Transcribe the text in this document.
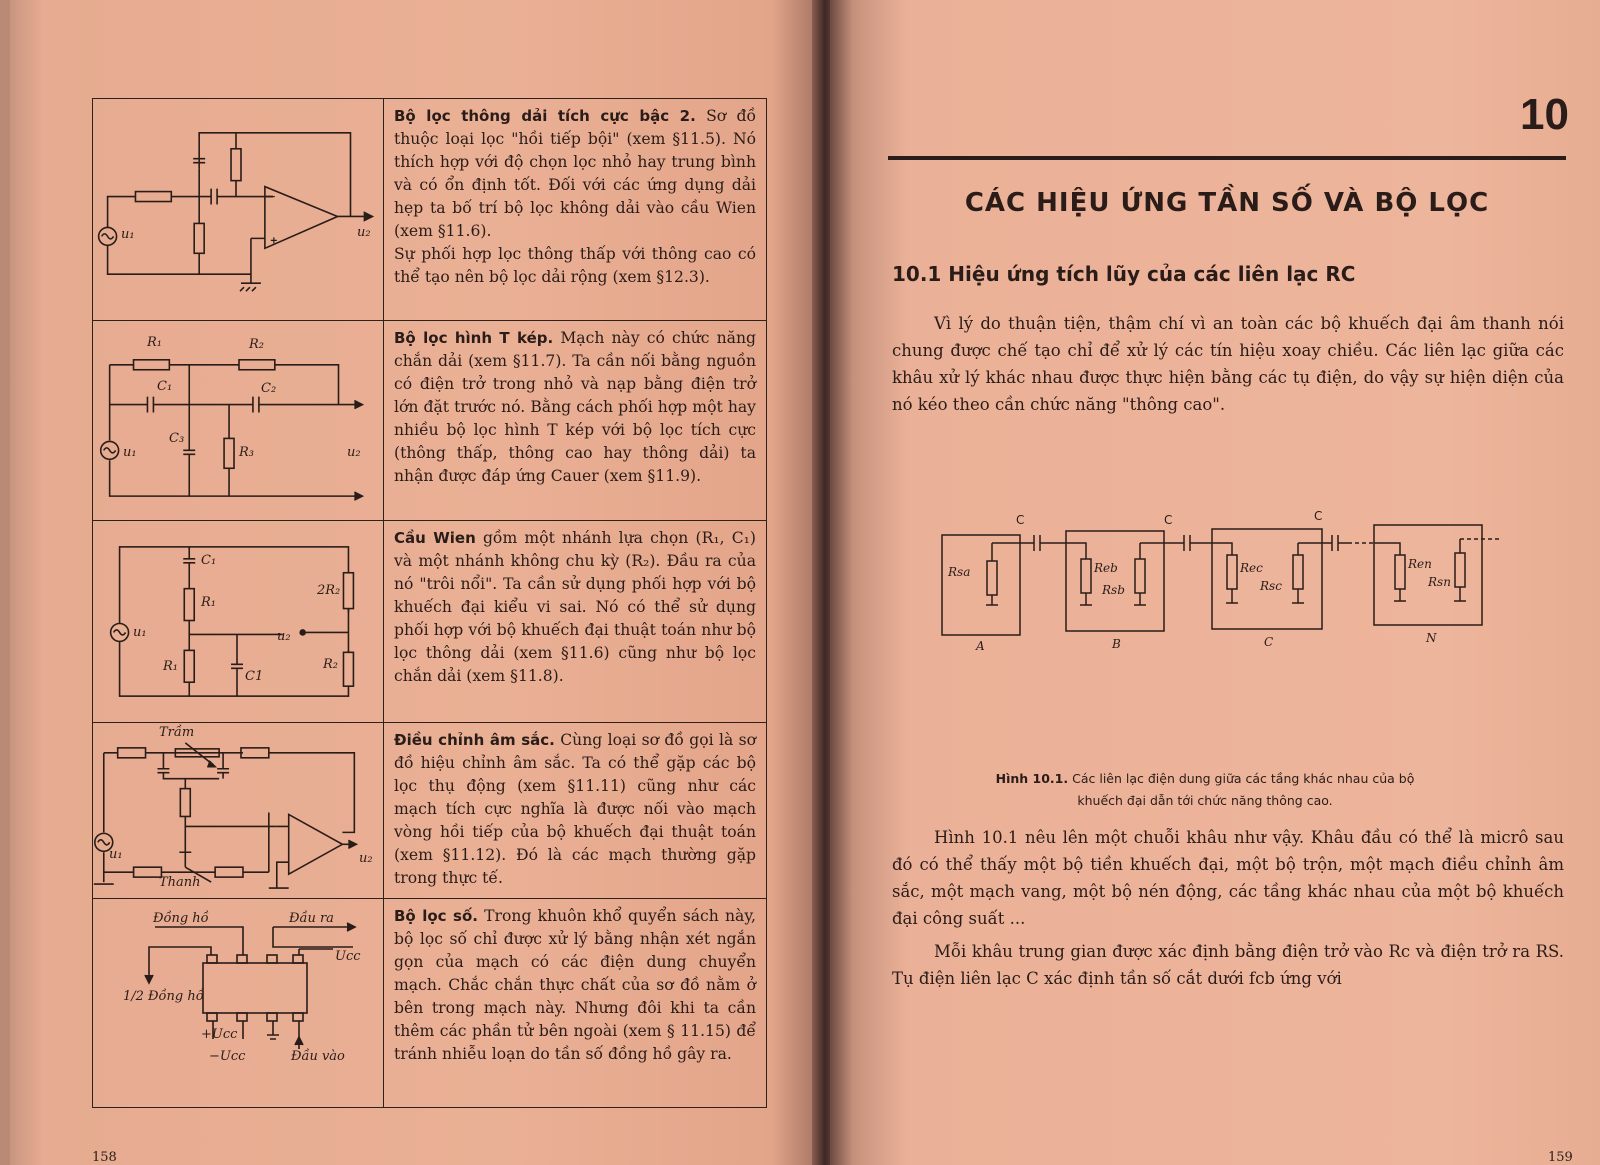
u₁	u₂

Bộ lọc thông dải tích cực bậc 2. Sơ đồ thuộc loại lọc "hồi tiếp bội" (xem §11.5). Nó thích hợp với độ chọn lọc nhỏ hay trung bình và có ổn định tốt. Đối với các ứng dụng dải hẹp ta bố trí bộ lọc không dải vào cầu Wien (xem §11.6).

Sự phối hợp lọc thông thấp với thông cao có thể tạo nên bộ lọc dải rộng (xem §12.3).

R₁	R₂
C₁	C₂
C₃
R₃
u₁	u₂

Bộ lọc hình T kép. Mạch này có chức năng chắn dải (xem §11.7). Ta cần nối bằng nguồn có điện trở trong nhỏ và nạp bằng điện trở lớn đặt trước nó. Bằng cách phối hợp một hay nhiều bộ lọc hình T kép với bộ lọc tích cực (thông thấp, thông cao hay thông dải) ta nhận được đáp ứng Cauer (xem §11.9).

C₁
R₁
R₁
C1
2R₂
R₂
u₁	u₂

Cầu Wien gồm một nhánh lựa chọn (R₁, C₁) và một nhánh không chu kỳ (R₂). Đầu ra của nó "trôi nổi". Ta cần sử dụng phối hợp với bộ khuếch đại kiểu vi sai. Nó có thể sử dụng phối hợp với bộ khuếch đại thuật toán như bộ lọc thông dải (xem §11.6) cũng như bộ lọc chắn dải (xem §11.8).

Trầm
Thanh
u₁	u₂

Điều chỉnh âm sắc. Cùng loại sơ đồ gọi là sơ đồ hiệu chỉnh âm sắc. Ta có thể gặp các bộ lọc thụ động (xem §11.11) cũng như các mạch tích cực nghĩa là được nối vào mạch vòng hồi tiếp của bộ khuếch đại thuật toán (xem §11.12). Đó là các mạch thường gặp trong thực tế.

Đồng hồ	Đầu ra
1/2 Đồng hồ
Ucc
+Ucc
−Ucc	Đầu vào

Bộ lọc số. Trong khuôn khổ quyển sách này, bộ lọc số chỉ được xử lý bằng nhận xét ngắn gọn của mạch có các điện dung chuyển mạch. Chắc chắn thực chất của sơ đồ nằm ở bên trong mạch này. Nhưng đôi khi ta cần thêm các phần tử bên ngoài (xem § 11.15) để tránh nhiễu loạn do tần số đồng hồ gây ra.

158
10
CÁC HIỆU ỨNG TẦN SỐ VÀ BỘ LỌC
10.1 Hiệu ứng tích lũy của các liên lạc RC

Vì lý do thuận tiện, thậm chí vì an toàn các bộ khuếch đại âm thanh nói chung được chế tạo chỉ để xử lý các tín hiệu xoay chiều. Các liên lạc giữa các khâu xử lý khác nhau được thực hiện bằng các tụ điện, do vậy sự hiện diện của nó kéo theo cần chức năng "thông cao".

C	C	C
Rsa	Reb
Rsb
Rec
Rsc
Ren
Rsn
A	B	C	N
Hình 10.1. Các liên lạc điện dung giữa các tầng khác nhau của bộ khuếch đại dẫn tới chức năng thông cao.

Hình 10.1 nêu lên một chuỗi khâu như vậy. Khâu đầu có thể là micrô sau đó có thể thấy một bộ tiền khuếch đại, một bộ trộn, một mạch điều chỉnh âm sắc, một mạch vang, một bộ nén động, các tầng khác nhau của một bộ khuếch đại công suất ...

Mỗi khâu trung gian được xác định bằng điện trở vào Rc và điện trở ra RS. Tụ điện liên lạc C xác định tần số cắt dưới fcb ứng với

159
